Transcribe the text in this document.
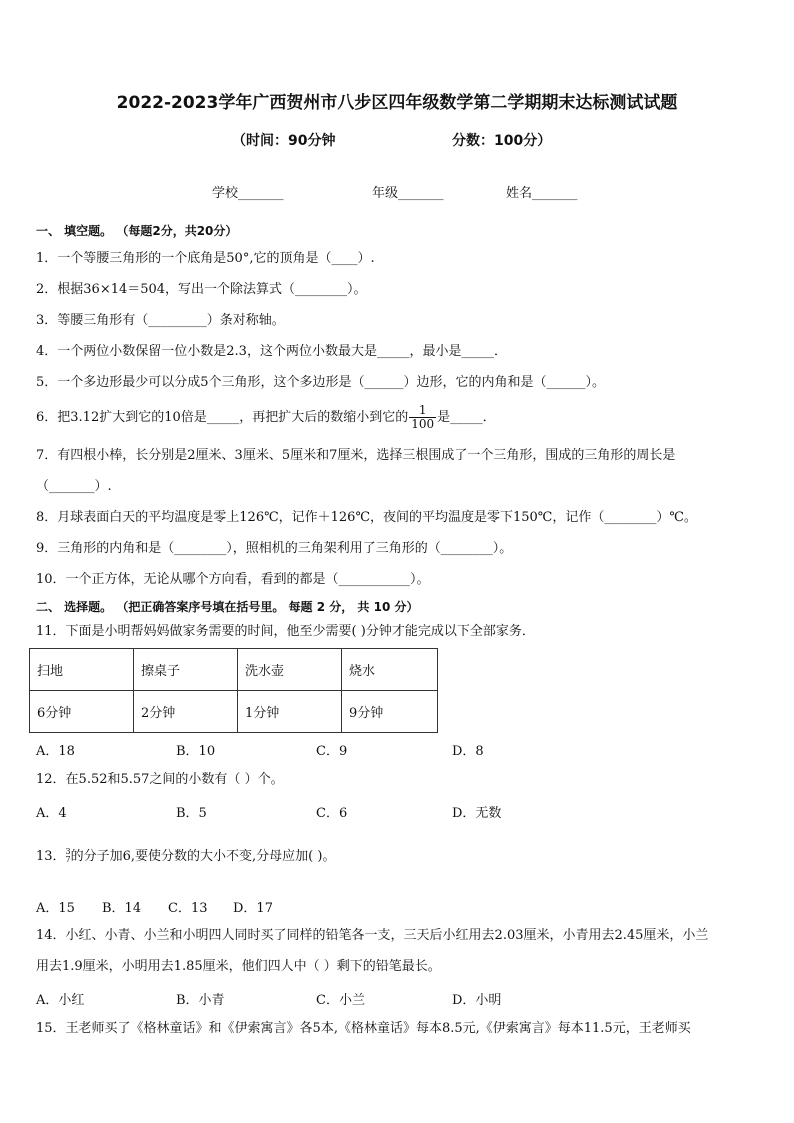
2022-2023学年广西贺州市八步区四年级数学第二学期期末达标测试试题
（时间：90分钟	分数：100分）
学校_______	年级_______	姓名_______
一、 填空题。 （每题2分，共20分）
1．一个等腰三角形的一个底角是50°,它的顶角是（____）.
2．根据36×14＝504，写出一个除法算式（________）。
3．等腰三角形有（_________）条对称轴。
4．一个两位小数保留一位小数是2.3，这个两位小数最大是_____，最小是_____．
5．一个多边形最少可以分成5个三角形，这个多边形是（______）边形，它的内角和是（______）。
6．把3.12扩大到它的10倍是_____，再把扩大后的数缩小到它的 $\frac{1}{100}$ 是_____．
7．有四根小棒，长分别是2厘米、3厘米、5厘米和7厘米，选择三根围成了一个三角形，围成的三角形的周长是
（_______）.
8．月球表面白天的平均温度是零上126℃，记作＋126℃，夜间的平均温度是零下150℃，记作（________）℃。
9．三角形的内角和是（________），照相机的三角架利用了三角形的（________）。
10．一个正方体，无论从哪个方向看，看到的都是（___________）。
二、 选择题。 （把正确答案序号填在括号里。 每题 2 分， 共 10 分）
11．下面是小明帮妈妈做家务需要的时间，他至少需要( )分钟才能完成以下全部家务．
扫地	擦桌子	洗水壶	烧水
6分钟	2分钟	1分钟	9分钟
A．18	B．10	C．9	D．8
12．在5.52和5.57之间的小数有（ ）个。
A．4	B．5	C．6	D．无数
13． 3
7 的分子加6,要使分数的大小不变,分母应加( )。
A．15 B．14 C．13 D．17
14．小红、小青、小兰和小明四人同时买了同样的铅笔各一支，三天后小红用去2.03厘米，小青用去2.45厘米，小兰
用去1.9厘米，小明用去1.85厘米，他们四人中（ ）剩下的铅笔最长。
A．小红	B．小青	C．小兰	D．小明
15．王老师买了《格林童话》和《伊索寓言》各5本,《格林童话》每本8.5元,《伊索寓言》每本11.5元，王老师买
